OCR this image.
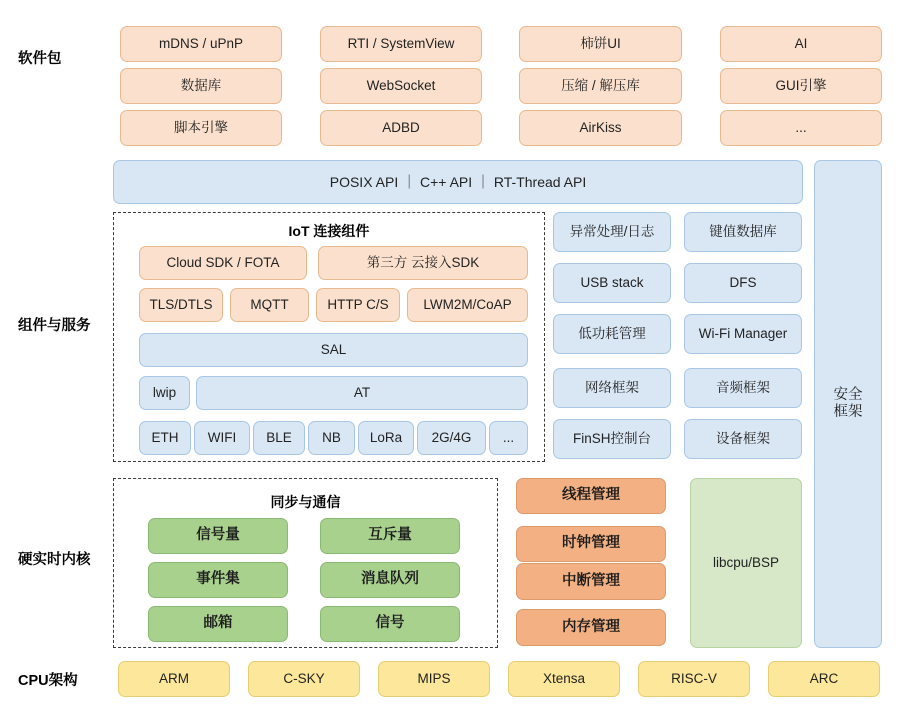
软件包
组件与服务
硬实时内核
CPU架构
mDNS / uPnP	RTI / SystemView	柿饼UI	AI
数据库	WebSocket	压缩 / 解压库	GUI引擎
脚本引擎	ADBD	AirKiss	...
POSIX API ｜ C++ API ｜ RT-Thread API
安全
框架
IoT 连接组件
Cloud SDK / FOTA	第三方 云接入SDK
TLS/DTLS	MQTT	HTTP C/S	LWM2M/CoAP
SAL
lwip	AT
ETH	WIFI	BLE	NB	LoRa	2G/4G	...
异常处理/日志	键值数据库
USB stack	DFS
低功耗管理	Wi-Fi Manager
网络框架	音频框架
FinSH控制台	设备框架
同步与通信
信号量	互斥量
事件集	消息队列
邮箱	信号
线程管理
时钟管理
中断管理
内存管理
libcpu/BSP
ARM	C-SKY	MIPS	Xtensa	RISC-V	ARC
